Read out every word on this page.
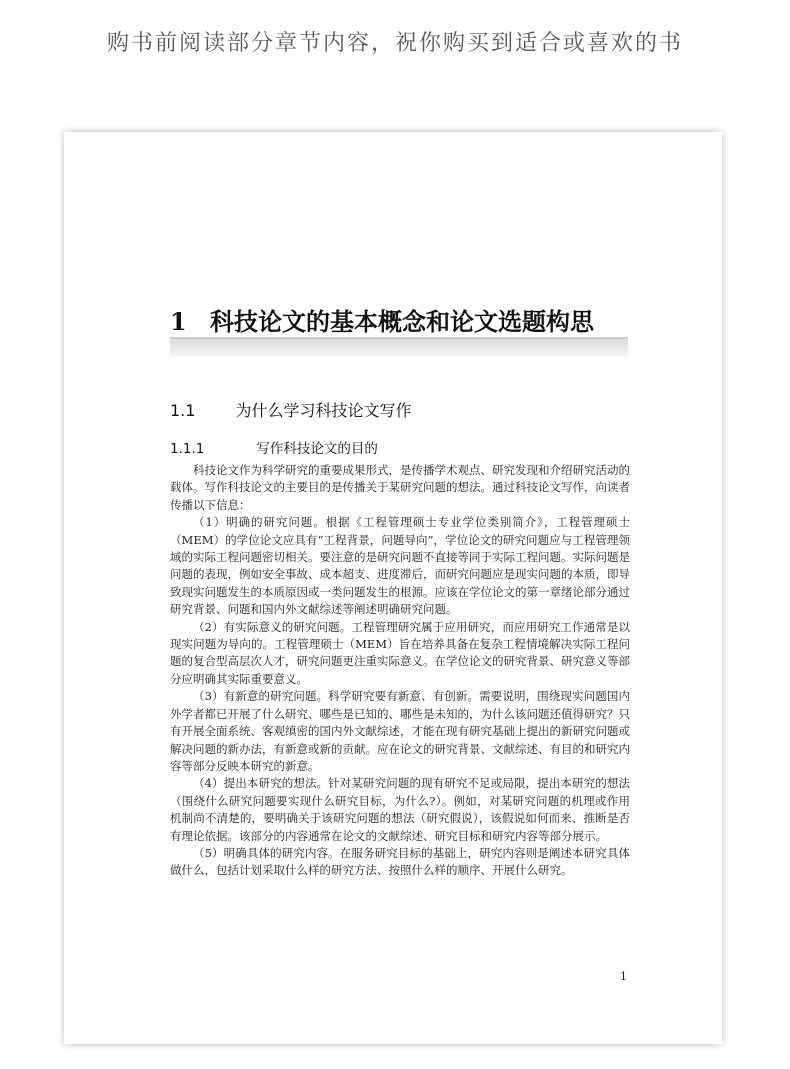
购书前阅读部分章节内容，祝你购买到适合或喜欢的书
1 科技论文的基本概念和论文选题构思
1.1	为什么学习科技论文写作
1.1.1	写作科技论文的目的

科技论文作为科学研究的重要成果形式，是传播学术观点、研究发现和介绍研究活动的载体。写作科技论文的主要目的是传播关于某研究问题的想法。通过科技论文写作，向读者传播以下信息：

（1）明确的研究问题。根据《工程管理硕士专业学位类别简介》，工程管理硕士（MEM）的学位论文应具有“工程背景，问题导向”，学位论文的研究问题应与工程管理领域的实际工程问题密切相关。要注意的是研究问题不直接等同于实际工程问题。实际问题是问题的表现，例如安全事故、成本超支、进度滞后，而研究问题应是现实问题的本质，即导致现实问题发生的本质原因或一类问题发生的根源。应该在学位论文的第一章绪论部分通过研究背景、问题和国内外文献综述等阐述明确研究问题。

（2）有实际意义的研究问题。工程管理研究属于应用研究，而应用研究工作通常是以现实问题为导向的。工程管理硕士（MEM）旨在培养具备在复杂工程情境解决实际工程问题的复合型高层次人才，研究问题更注重实际意义。在学位论文的研究背景、研究意义等部分应明确其实际重要意义。

（3）有新意的研究问题。科学研究要有新意、有创新。需要说明，围绕现实问题国内外学者都已开展了什么研究、哪些是已知的、哪些是未知的，为什么该问题还值得研究？只有开展全面系统、客观缜密的国内外文献综述，才能在现有研究基础上提出的新研究问题或解决问题的新办法，有新意或新的贡献。应在论文的研究背景、文献综述、有目的和研究内容等部分反映本研究的新意。

（4）提出本研究的想法。针对某研究问题的现有研究不足或局限，提出本研究的想法（围绕什么研究问题要实现什么研究目标，为什么?）。例如，对某研究问题的机理或作用机制尚不清楚的，要明确关于该研究问题的想法（研究假说），该假说如何而来、推断是否有理论依据。该部分的内容通常在论文的文献综述、研究目标和研究内容等部分展示。

（5）明确具体的研究内容。在服务研究目标的基础上，研究内容则是阐述本研究具体做什么，包括计划采取什么样的研究方法、按照什么样的顺序、开展什么研究。

1
